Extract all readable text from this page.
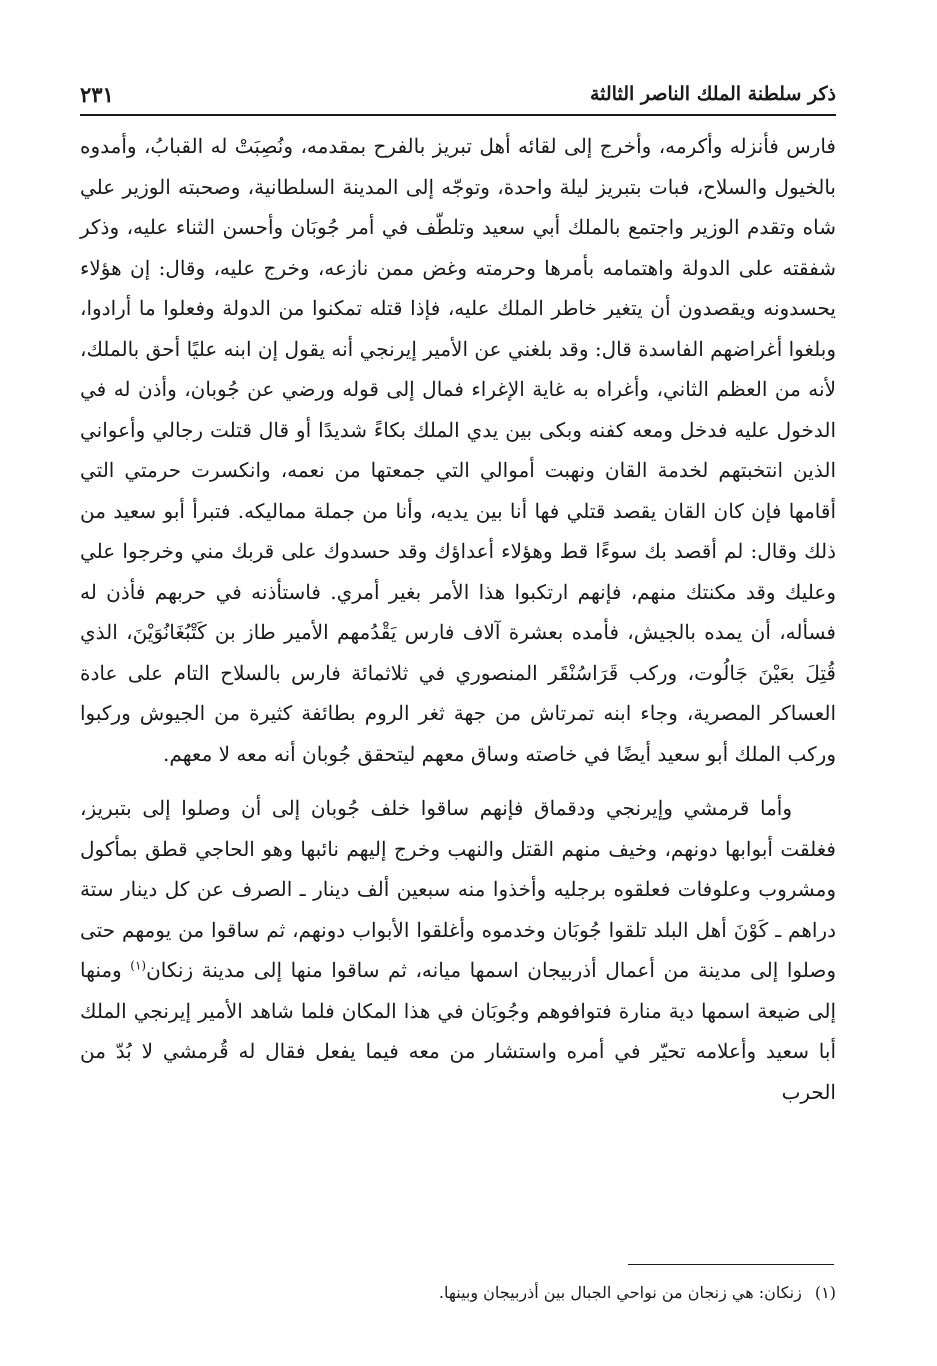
ذكر سلطنة الملك الناصر الثالثة
٢٣١

فارس فأنزله وأكرمه، وأخرج إلى لقائه أهل تبريز بالفرح بمقدمه، ونُصِبَتْ له القبابُ، وأمدوه بالخيول والسلاح، فبات بتبريز ليلة واحدة، وتوجّه إلى المدينة السلطانية، وصحبته الوزير علي شاه وتقدم الوزير واجتمع بالملك أبي سعيد وتلطّف في أمر جُوبَان وأحسن الثناء عليه، وذكر شفقته على الدولة واهتمامه بأمرها وحرمته وغض ممن نازعه، وخرج عليه، وقال: إن هؤلاء يحسدونه ويقصدون أن يتغير خاطر الملك عليه، فإذا قتله تمكنوا من الدولة وفعلوا ما أرادوا، وبلغوا أغراضهم الفاسدة قال: وقد بلغني عن الأمير إيرنجي أنه يقول إن ابنه عليًا أحق بالملك، لأنه من العظم الثاني، وأغراه به غاية الإغراء فمال إلى قوله ورضي عن جُوبان، وأذن له في الدخول عليه فدخل ومعه كفنه وبكى بين يدي الملك بكاءً شديدًا أو قال قتلت رجالي وأعواني الذين انتخبتهم لخدمة القان ونهبت أموالي التي جمعتها من نعمه، وانكسرت حرمتي التي أقامها فإن كان القان يقصد قتلي فها أنا بين يديه، وأنا من جملة مماليكه. فتبرأ أبو سعيد من ذلك وقال: لم أقصد بك سوءًا قط وهؤلاء أعداؤك وقد حسدوك على قربك مني وخرجوا علي وعليك وقد مكنتك منهم، فإنهم ارتكبوا هذا الأمر بغير أمري. فاستأذنه في حربهم فأذن له فسأله، أن يمده بالجيش، فأمده بعشرة آلاف فارس يَقْدُمهم الأمير طاز بن كَتْبُغَانُوَيْنَ، الذي قُتِلَ بعَيْنَ جَالُوت، وركب قَرَاسُنْقَر المنصوري في ثلاثمائة فارس بالسلاح التام على عادة العساكر المصرية، وجاء ابنه تمرتاش من جهة ثغر الروم بطائفة كثيرة من الجيوش وركبوا وركب الملك أبو سعيد أيضًا في خاصته وساق معهم ليتحقق جُوبان أنه معه لا معهم.

وأما قرمشي وإيرنجي ودقماق فإنهم ساقوا خلف جُوبان إلى أن وصلوا إلى بتبريز، فغلقت أبوابها دونهم، وخيف منهم القتل والنهب وخرج إليهم نائبها وهو الحاجي قطق بمأكول ومشروب وعلوفات فعلقوه برجليه وأخذوا منه سبعين ألف دينار ـ الصرف عن كل دينار ستة دراهم ـ كَوْنَ أهل البلد تلقوا جُوبَان وخدموه وأغلقوا الأبواب دونهم، ثم ساقوا من يومهم حتى وصلوا إلى مدينة من أعمال أذربيجان اسمها ميانه، ثم ساقوا منها إلى مدينة زنكان$^{(١)}$ ومنها إلى ضيعة اسمها دية منارة فتوافوهم وجُوبَان في هذا المكان فلما شاهد الأمير إيرنجي الملك أبا سعيد وأعلامه تحيّر في أمره واستشار من معه فيما يفعل فقال له قُرمشي لا بُدّ من الحرب

(١) زنكان: هي زنجان من نواحي الجبال بين أذربيجان وبينها.
